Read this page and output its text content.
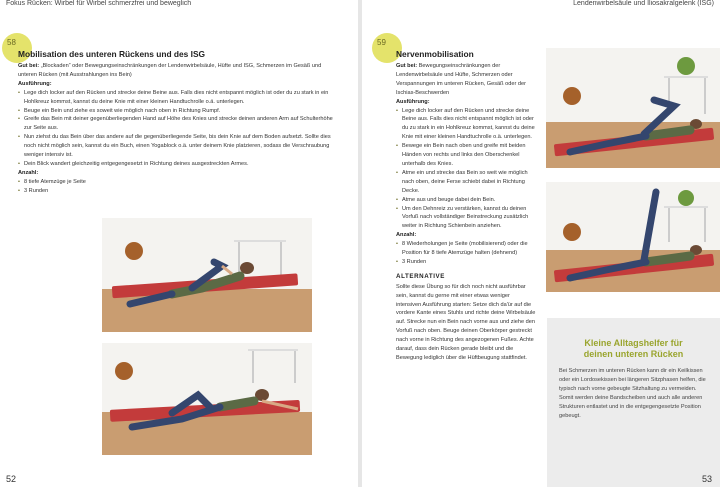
Fokus Rücken: Wirbel für Wirbel schmerzfrei und beweglich
58
Mobilisation des unteren Rückens und des ISG
Gut bei: „Blockaden“ oder Bewegungseinschränkungen der Lendenwirbelsäule, Hüfte und ISG, Schmerzen im Gesäß und unteren Rücken (mit Ausstrahlungen ins Bein)
Ausführung:
• Lege dich locker auf den Rücken und strecke deine Beine aus. Falls dies nicht entspannt möglich ist oder du zu stark in ein Hohlkreuz kommst, kannst du deine Knie mit einer kleinen Handtuchrolle o.ä. unterlegen.
• Beuge ein Bein und ziehe es soweit wie möglich nach oben in Richtung Rumpf.
• Greife das Bein mit deiner gegenüberliegenden Hand auf Höhe des Knies und strecke deinen anderen Arm auf Schulterhöhe zur Seite aus.
• Nun ziehst du das Bein über das andere auf die gegenüberliegende Seite, bis dein Knie auf dem Boden aufsetzt. Sollte dies noch nicht möglich sein, kannst du ein Buch, einen Yogablock o.ä. unter deinem Knie platzieren, sodass die Verschraubung weniger intensiv ist.
• Dein Blick wandert gleichzeitig entgegengesetzt in Richtung deines ausgestreckten Armes.
Anzahl:
• 8 tiefe Atemzüge je Seite
• 3 Runden
52
Lendenwirbelsäule und Iliosakralgelenk (ISG)
59
Nervenmobilisation
Gut bei: Bewegungseinschränkungen der Lendenwirbelsäule und Hüfte, Schmerzen oder Verspannungen im unteren Rücken, Gesäß oder der Ischias-Beschwerden
Ausführung:
• Lege dich locker auf den Rücken und strecke deine Beine aus. Falls dies nicht entspannt möglich ist oder du zu stark in ein Hohlkreuz kommst, kannst du deine Knie mit einer kleinen Handtuchrolle o.ä. unterlegen.
• Bewege ein Bein nach oben und greife mit beiden Händen von rechts und links den Oberschenkel unterhalb des Knies.
• Atme ein und strecke das Bein so weit wie möglich nach oben, deine Ferse schiebt dabei in Richtung Decke.
• Atme aus und beuge dabei dein Bein.
• Um den Dehnreiz zu verstärken, kannst du deinen Vorfuß nach vollständiger Beinstreckung zusätzlich weiter in Richtung Schienbein anziehen.
Anzahl:
• 8 Wiederholungen je Seite (mobilisierend) oder die Position für 8 tiefe Atemzüge halten (dehnend)
• 3 Runden
ALTERNATIVE
Sollte diese Übung so für dich noch nicht ausführbar sein, kannst du gerne mit einer etwas weniger intensiven Ausführung starten: Setze dich da'ür auf die vordere Kante eines Stuhls und richte deine Wirbelsäule auf. Strecke nun ein Bein nach vorne aus und ziehe den Vorfuß nach oben. Beuge deinen Oberkörper gestreckt nach vorne in Richtung des angezogenen Fußes. Achte darauf, dass dein Rücken gerade bleibt und die Bewegung lediglich über die Hüftbeugung stattfindet.
Kleine Alltagshelfer für
deinen unteren Rücken
Bei Schmerzen im unteren Rücken kann dir ein Keilkissen oder ein Lordosekissen bei längeren Sitzphasen helfen, die typisch nach vorne gebeugte Sitzhaltung zu vermeiden. Somit werden deine Bandscheiben und auch alle anderen Strukturen entlastet und in die entgegengesetzte Position gebeugt.
53
